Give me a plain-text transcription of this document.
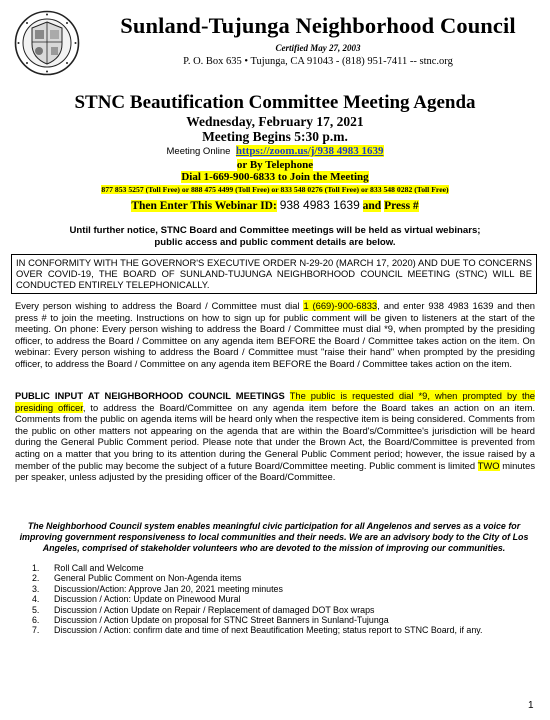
Sunland-Tujunga Neighborhood Council
Certified May 27, 2003
P. O. Box 635 • Tujunga, CA 91043 - (818) 951-7411 -- stnc.org
STNC Beautification Committee Meeting Agenda
Wednesday, February 17, 2021
Meeting Begins 5:30 p.m.
Meeting Online https://zoom.us/j/938 4983 1639
or By Telephone
Dial 1-669-900-6833 to Join the Meeting
877 853 5257 (Toll Free) or 888 475 4499 (Toll Free) or 833 548 0276 (Toll Free) or 833 548 0282 (Toll Free)
Then Enter This Webinar ID: 938 4983 1639 and Press #
Until further notice, STNC Board and Committee meetings will be held as virtual webinars;
public access and public comment details are below.
IN CONFORMITY WITH THE GOVERNOR'S EXECUTIVE ORDER N-29-20 (MARCH 17, 2020) AND DUE TO CONCERNS OVER COVID-19, THE BOARD OF SUNLAND-TUJUNGA NEIGHBORHOOD COUNCIL MEETING (STNC) WILL BE CONDUCTED ENTIRELY TELEPHONICALLY.
Every person wishing to address the Board / Committee must dial 1 (669)-900-6833, and enter 938 4983 1639 and then press # to join the meeting. Instructions on how to sign up for public comment will be given to listeners at the start of the meeting. On phone: Every person wishing to address the Board / Committee must dial *9, when prompted by the presiding officer, to address the Board / Committee on any agenda item BEFORE the Board / Committee takes action on the item. On webinar: Every person wishing to address the Board / Committee must "raise their hand" when prompted by the presiding officer, to address the Board / Committee on any agenda item BEFORE the Board / Committee takes action on the item.
PUBLIC INPUT AT NEIGHBORHOOD COUNCIL MEETINGS The public is requested dial *9, when prompted by the presiding officer, to address the Board/Committee on any agenda item before the Board takes an action on an item. Comments from the public on agenda items will be heard only when the respective item is being considered. Comments from the public on other matters not appearing on the agenda that are within the Board's/Committee's jurisdiction will be heard during the General Public Comment period. Please note that under the Brown Act, the Board/Committee is prevented from acting on a matter that you bring to its attention during the General Public Comment period; however, the issue raised by a member of the public may become the subject of a future Board/Committee meeting. Public comment is limited TWO minutes per speaker, unless adjusted by the presiding officer of the Board/Committee.
The Neighborhood Council system enables meaningful civic participation for all Angelenos and serves as a voice for improving government responsiveness to local communities and their needs. We are an advisory body to the City of Los Angeles, comprised of stakeholder volunteers who are devoted to the mission of improving our communities.
1. Roll Call and Welcome
2. General Public Comment on Non-Agenda items
3. Discussion/Action: Approve Jan 20, 2021 meeting minutes
4. Discussion / Action: Update on Pinewood Mural
5. Discussion / Action Update on Repair / Replacement of damaged DOT Box wraps
6. Discussion / Action Update on proposal for STNC Street Banners in Sunland-Tujunga
7. Discussion / Action: confirm date and time of next Beautification Meeting; status report to STNC Board, if any.
1
